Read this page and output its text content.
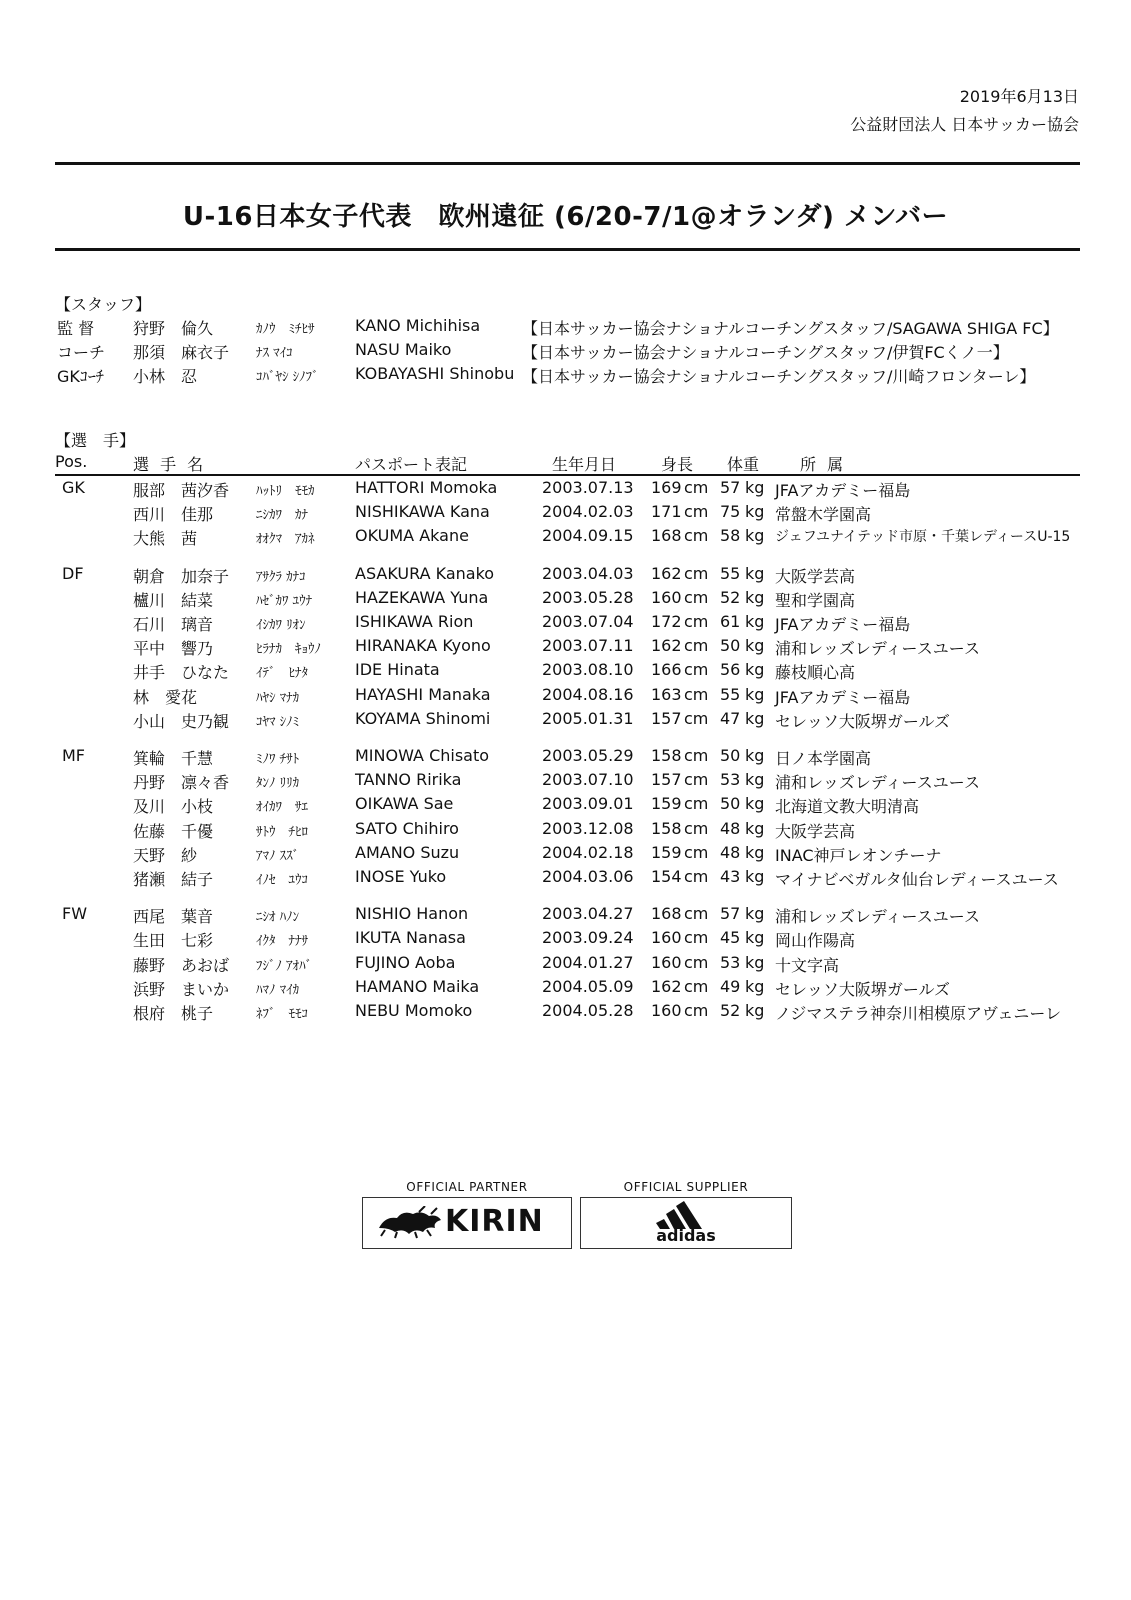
2019年6月13日
公益財団法人 日本サッカー協会
U-16日本女子代表　欧州遠征 (6/20-7/1@オランダ) メンバー
【スタッフ】
監 督 狩野　倫久	ｶﾉｳ　ﾐﾁﾋｻ	KANO Michihisa	【日本サッカー協会ナショナルコーチングスタッフ/SAGAWA SHIGA FC】
コーチ 那須　麻衣子 ﾅｽ ﾏｲｺ	NASU Maiko	【日本サッカー協会ナショナルコーチングスタッフ/伊賀FCくノ一】
GKｺｰﾁ 小林　忍	ｺﾊﾞﾔｼ ｼﾉﾌﾞ KOBAYASHI Shinobu 【日本サッカー協会ナショナルコーチングスタッフ/川崎フロンターレ】
【選　手】
Pos.	選 手 名	パスポート表記	生年月日	身長 体重	所 属
GK	服部　茜汐香 ﾊｯﾄﾘ　ﾓﾓｶ	HATTORI Momoka	2003.07.13 169 cm 57 kg JFAアカデミー福島
西川　佳那	ﾆｼｶﾜ　ｶﾅ	NISHIKAWA Kana	2004.02.03 171 cm 75 kg 常盤木学園高
大熊　茜	ｵｵｸﾏ　ｱｶﾈ	OKUMA Akane	2004.09.15 168 cm 58 kg ジェフユナイテッド市原・千葉レディースU-15
DF	朝倉　加奈子 ｱｻｸﾗ ｶﾅｺ	ASAKURA Kanako	2003.04.03 162 cm 55 kg 大阪学芸高
櫨川　結菜	ﾊｾﾞｶﾜ ﾕｳﾅ	HAZEKAWA Yuna	2003.05.28 160 cm 52 kg 聖和学園高
石川　璃音	ｲｼｶﾜ ﾘｵﾝ	ISHIKAWA Rion	2003.07.04 172 cm 61 kg JFAアカデミー福島
平中　響乃	ﾋﾗﾅｶ　ｷｮｳﾉ HIRANAKA Kyono	2003.07.11 162 cm 50 kg 浦和レッズレディースユース
井手　ひなた ｲﾃﾞ　ﾋﾅﾀ	IDE Hinata	2003.08.10 166 cm 56 kg 藤枝順心高
林　愛花	ﾊﾔｼ ﾏﾅｶ	HAYASHI Manaka	2004.08.16 163 cm 55 kg JFAアカデミー福島
小山　史乃観 ｺﾔﾏ ｼﾉﾐ	KOYAMA Shinomi	2005.01.31 157 cm 47 kg セレッソ大阪堺ガールズ
MF	箕輪　千慧	ﾐﾉﾜ ﾁｻﾄ	MINOWA Chisato	2003.05.29 158 cm 50 kg 日ノ本学園高
丹野　凛々香 ﾀﾝﾉ ﾘﾘｶ	TANNO Ririka	2003.07.10 157 cm 53 kg 浦和レッズレディースユース
及川　小枝	ｵｲｶﾜ　ｻｴ	OIKAWA Sae	2003.09.01 159 cm 50 kg 北海道文教大明清高
佐藤　千優	ｻﾄｳ　ﾁﾋﾛ	SATO Chihiro	2003.12.08 158 cm 48 kg 大阪学芸高
天野　紗	ｱﾏﾉ ｽｽﾞ	AMANO Suzu	2004.02.18 159 cm 48 kg INAC神戸レオンチーナ
猪瀬　結子	ｲﾉｾ　ﾕｳｺ	INOSE Yuko	2004.03.06 154 cm 43 kg マイナビベガルタ仙台レディースユース
FW	西尾　葉音	ﾆｼｵ ﾊﾉﾝ	NISHIO Hanon	2003.04.27 168 cm 57 kg 浦和レッズレディースユース
生田　七彩	ｲｸﾀ　ﾅﾅｻ	IKUTA Nanasa	2003.09.24 160 cm 45 kg 岡山作陽高
藤野　あおば ﾌｼﾞﾉ ｱｵﾊﾞ	FUJINO Aoba	2004.01.27 160 cm 53 kg 十文字高
浜野　まいか ﾊﾏﾉ ﾏｲｶ	HAMANO Maika	2004.05.09 162 cm 49 kg セレッソ大阪堺ガールズ
根府　桃子	ﾈﾌﾞ　ﾓﾓｺ	NEBU Momoko	2004.05.28 160 cm 52 kg ノジマステラ神奈川相模原アヴェニーレ
OFFICIAL PARTNER
KIRIN
OFFICIAL SUPPLIER
adidas
